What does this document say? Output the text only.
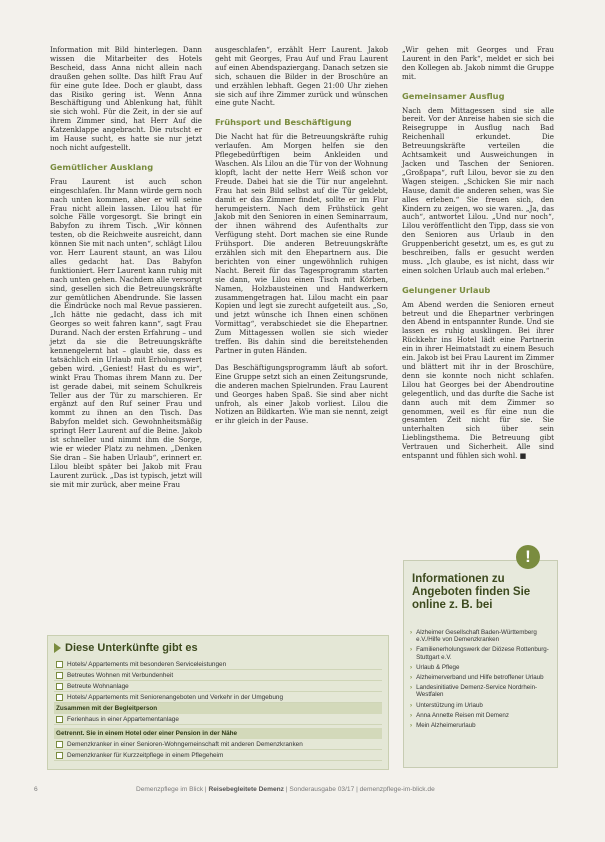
Information mit Bild hinterlegen. Dann wissen die Mitarbeiter des Hotels Bescheid, dass Anna nicht allein nach draußen gehen sollte. Das hilft Frau Auf für eine gute Idee. Doch er glaubt, dass das Risiko gering ist. Wenn Anna Beschäftigung und Ablenkung hat, fühlt sie sich wohl. Für die Zeit, in der sie auf ihrem Zimmer sind, hat Herr Auf die Katzenklappe angebracht. Die rutscht er im Hause sucht, es hatte sie nur jetzt noch nicht aufgestellt.

Gemütlicher Ausklang

Frau Laurent ist auch schon eingeschlafen. Ihr Mann würde gern noch nach unten kommen, aber er will seine Frau nicht allein lassen. Lilou hat für solche Fälle vorgesorgt. Sie bringt ein Babyfon zu ihrem Tisch. „Wir können testen, ob die Reichweite ausreicht, dann können Sie mit nach unten“, schlägt Lilou vor. Herr Laurent staunt, an was Lilou alles gedacht hat. Das Babyfon funktioniert. Herr Laurent kann ruhig mit nach unten gehen. Nachdem alle versorgt sind, gesellen sich die Betreuungskräfte zur gemütlichen Abendrunde. Sie lassen die Eindrücke noch mal Revue passieren. „Ich hätte nie gedacht, dass ich mit Georges so weit fahren kann“, sagt Frau Durand. Nach der ersten Erfahrung – und jetzt da sie die Betreuungskräfte kennengelernt hat – glaubt sie, dass es tatsächlich ein Urlaub mit Erholungswert geben wird. „Geniest! Hast du es wir“, winkt Frau Thomas ihrem Mann zu. Der ist gerade dabei, mit seinem Schulkreis Teller aus der Tür zu marschieren. Er ergänzt auf den Ruf seiner Frau und kommt zu ihnen an den Tisch. Das Babyfon meldet sich. Gewohnheitsmäßig springt Herr Laurent auf die Beine. Jakob ist schneller und nimmt ihm die Sorge, wie er wieder Platz zu nehmen. „Denken Sie dran – Sie haben Urlaub“, erinnert er. Lilou bleibt später bei Jakob mit Frau Laurent zurück. „Das ist typisch, jetzt will sie mit mir zurück, aber meine Frau

ausgeschlafen“, erzählt Herr Laurent. Jakob geht mit Georges, Frau Auf und Frau Laurent auf einen Abendspaziergang. Danach setzen sie sich, schauen die Bilder in der Broschüre an und erzählen lebhaft. Gegen 21:00 Uhr ziehen sie sich auf ihre Zimmer zurück und wünschen eine gute Nacht.

Frühsport und Beschäftigung

Die Nacht hat für die Betreuungskräfte ruhig verlaufen. Am Morgen helfen sie den Pflegebedürftigen beim Ankleiden und Waschen. Als Lilou an die Tür von der Wohnung klopft, lacht der nette Herr Weiß schon vor Freude. Dabei hat sie die Tür nur angelehnt. Frau hat sein Bild selbst auf die Tür geklebt, damit er das Zimmer findet, sollte er im Flur herumgeistern. Nach dem Frühstück geht Jakob mit den Senioren in einen Seminarraum, der ihnen während des Aufenthalts zur Verfügung steht. Dort machen sie eine Runde Frühsport. Die anderen Betreuungskräfte erzählen sich mit den Ehepartnern aus. Die berichten von einer ungewöhnlich ruhigen Nacht. Bereit für das Tagesprogramm starten sie dann, wie Lilou einen Tisch mit Körben, Namen, Holzbausteinen und Handwerkern zusammengetragen hat. Lilou macht ein paar Kopien und legt sie zurecht aufgeteilt aus. „So, und jetzt wünsche ich Ihnen einen schönen Vormittag“, verabschiedet sie die Ehepartner. Zum Mittagessen wollen sie sich wieder treffen. Bis dahin sind die bereitstehenden Partner in guten Händen.

Das Beschäftigungsprogramm läuft ab sofort. Eine Gruppe setzt sich an einen Zeitungsrunde, die anderen machen Spielrunden. Frau Laurent und Georges haben Spaß. Sie sind aber nicht unfroh, als einer Jakob vorliest. Lilou die Notizen an Bildkarten. Wie man sie nennt, zeigt er ihr gleich in der Pause.

„Wir gehen mit Georges und Frau Laurent in den Park“, meldet er sich bei den Kollegen ab. Jakob nimmt die Gruppe mit.

Gemeinsamer Ausflug

Nach dem Mittagessen sind sie alle bereit. Vor der Anreise haben sie sich die Reisegruppe in Ausflug nach Bad Reichenhall erkundet. Die Betreuungskräfte verteilen die Achtsamkeit und Ausweichungen in Jacken und Taschen der Senioren. „Großpapa“, ruft Lilou, bevor sie zu den Wagen steigen. „Schicken Sie mir nach Hause, damit die anderen sehen, was Sie alles erleben.“ Sie freuen sich, den Kindern zu zeigen, wo sie waren. „Ja, das auch“, antwortet Lilou. „Und nur noch“, Lilou veröffentlicht den Tipp, dass sie von den Senioren aus Urlaub in den Gruppenbericht gesetzt, um es, es gut zu beschreiben, falls er gesucht werden muss. „Ich glaube, es ist nicht, dass wir einen solchen Urlaub auch mal erleben.“

Gelungener Urlaub

Am Abend werden die Senioren erneut betreut und die Ehepartner verbringen den Abend in entspannter Runde. Und sie lassen es ruhig ausklingen. Bei ihrer Rückkehr ins Hotel lädt eine Partnerin ein in ihrer Heimatstadt zu einem Besuch ein. Jakob ist bei Frau Laurent im Zimmer und blättert mit ihr in der Broschüre, denn sie konnte noch nicht schlafen. Lilou hat Georges bei der Abendroutine gelegentlich, und das durfte die Sache ist dann auch mit dem Zimmer so genommen, weil es für eine nun die gesamten Zeit nicht für sie. Sie unterhalten sich über sein Lieblingsthema. Die Betreuung gibt Vertrauen und Sicherheit. Alle sind entspannt und fühlen sich wohl. ■

Diese Unterkünfte gibt es
Hotels/ Appartements mit besonderen Serviceleistungen
Betreutes Wohnen mit Verbundenheit
Betreute Wohnanlage
Hotels/ Appartements mit Seniorenangeboten und Verkehr in der Umgebung
Zusammen mit der Begleitperson
Ferienhaus in einer Appartementanlage
Getrennt. Sie in einem Hotel oder einer Pension in der Nähe
Demenzkranker in einer Senioren-Wohngemeinschaft mit anderen Demenzkranken
Demenzkranker für Kurzzeitpflege in einem Pflegeheim
Informationen zu Angeboten finden Sie online z. B. bei
› Alzheimer Gesellschaft Baden-Württemberg e.V./Hilfe von Demenzkranken
› Familienerholungswerk der Diözese Rottenburg-Stuttgart e.V.
› Urlaub & Pflege
› Alzheimerverband und Hilfe betroffener Urlaub
› Landesinitiative Demenz-Service Nordrhein-Westfalen
› Unterstützung im Urlaub
› Anna Annette Reisen mit Demenz
› Mein Alzheimerurlaub
!
6	Demenzpflege im Blick | Reisebegleitete Demenz | Sonderausgabe 03/17 | demenzpflege-im-blick.de
